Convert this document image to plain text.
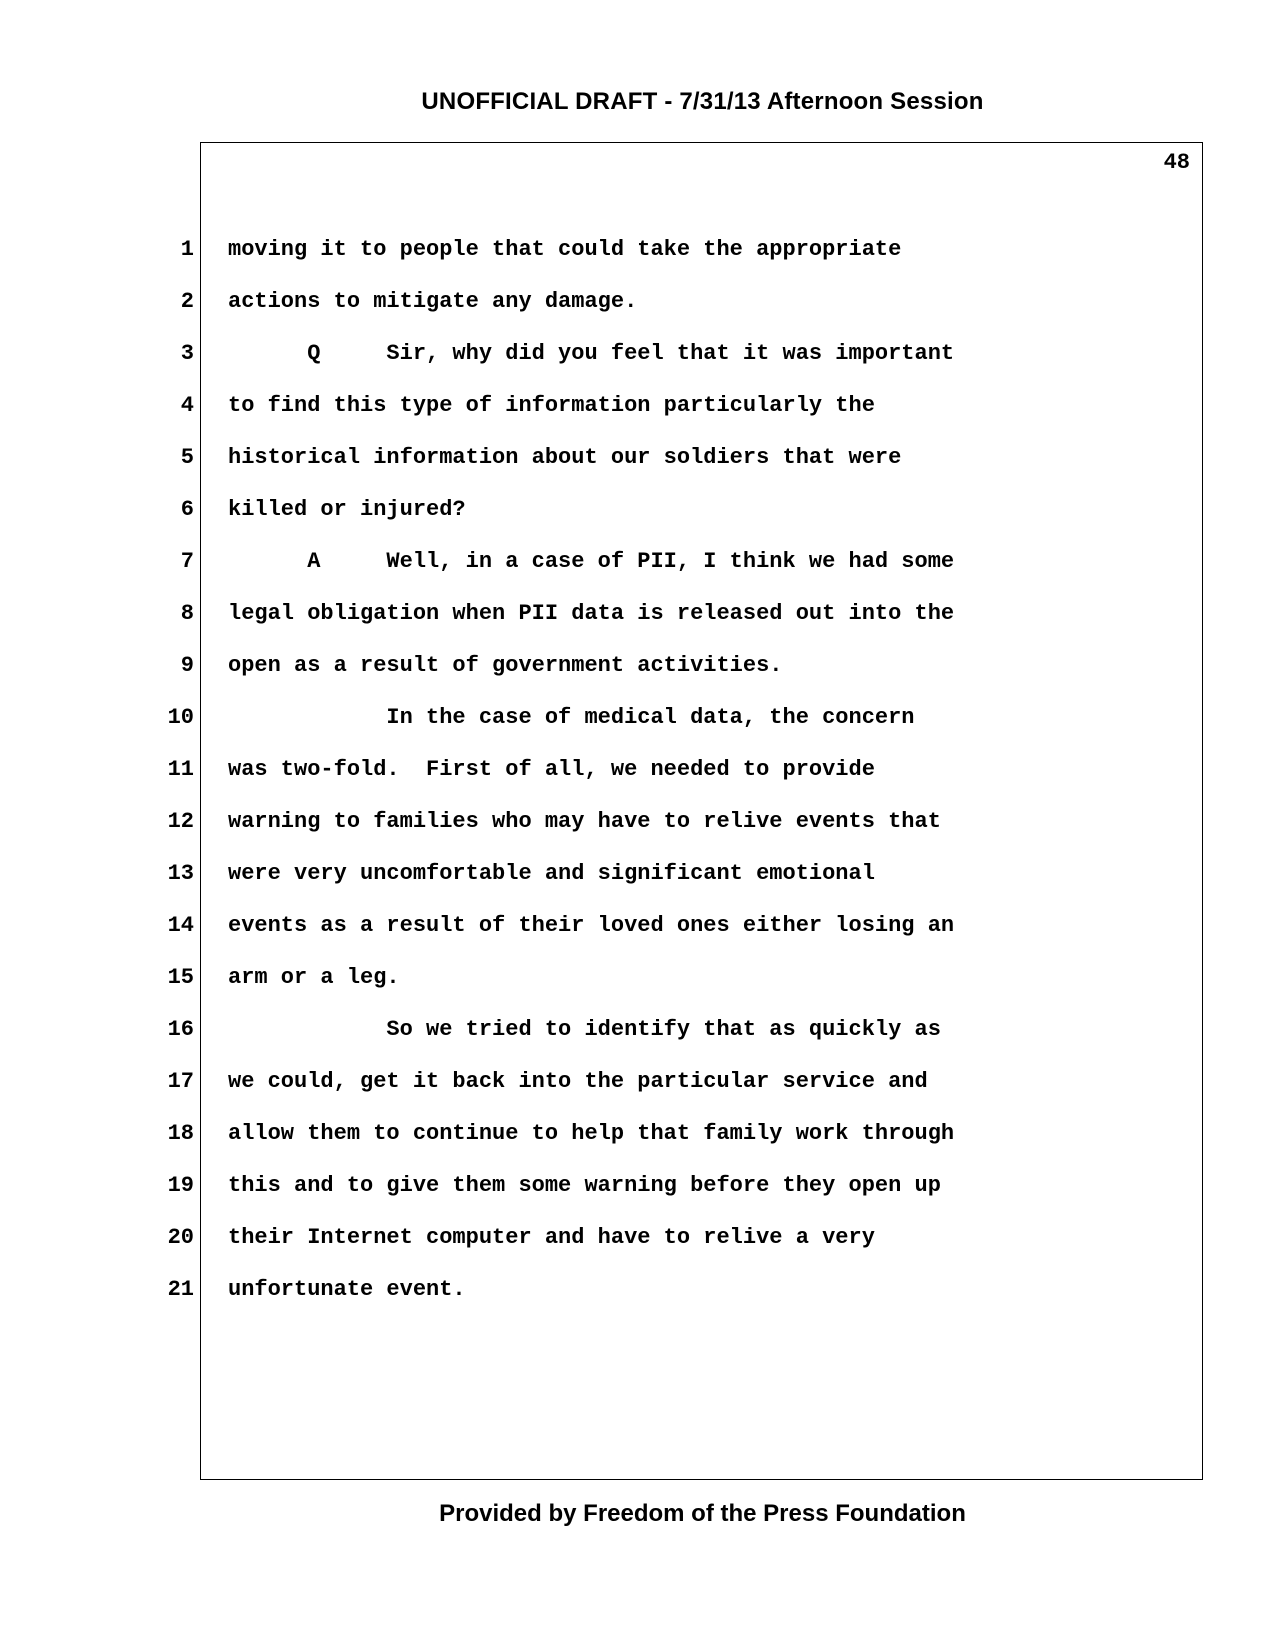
UNOFFICIAL DRAFT - 7/31/13 Afternoon Session
48
1
2
3
4
5
6
7
8
9
10
11
12
13
14
15
16
17
18
19
20
21
moving it to people that could take the appropriate
actions to mitigate any damage.
Q     Sir, why did you feel that it was important
to find this type of information particularly the
historical information about our soldiers that were
killed or injured?
A     Well, in a case of PII, I think we had some
legal obligation when PII data is released out into the
open as a result of government activities.
In the case of medical data, the concern
was two-fold.  First of all, we needed to provide
warning to families who may have to relive events that
were very uncomfortable and significant emotional
events as a result of their loved ones either losing an
arm or a leg.
So we tried to identify that as quickly as
we could, get it back into the particular service and
allow them to continue to help that family work through
this and to give them some warning before they open up
their Internet computer and have to relive a very
unfortunate event.
Provided by Freedom of the Press Foundation
